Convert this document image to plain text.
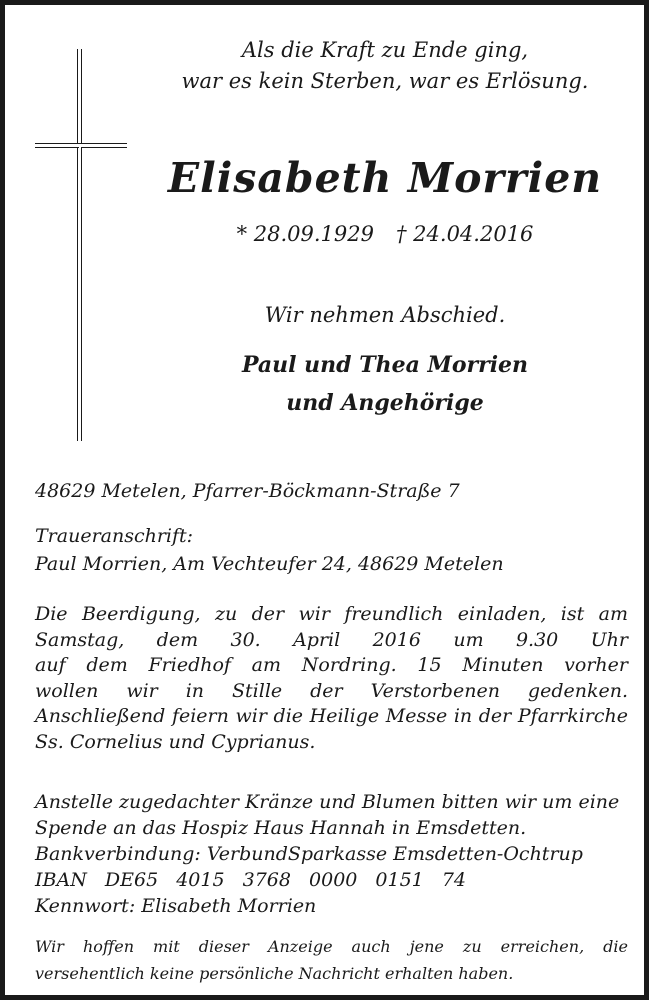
Als die Kraft zu Ende ging,
war es kein Sterben, war es Erlösung.
Elisabeth Morrien
* 28.09.1929 † 24.04.2016
Wir nehmen Abschied.
Paul und Thea Morrien
und Angehörige
48629 Metelen, Pfarrer-Böckmann-Straße 7
Traueranschrift:
Paul Morrien, Am Vechteufer 24, 48629 Metelen
Die Beerdigung, zu der wir freundlich einladen, ist am
Samstag, dem 30. April 2016 um 9.30 Uhr
auf dem Friedhof am Nordring. 15 Minuten vorher
wollen wir in Stille der Verstorbenen gedenken.
Anschließend feiern wir die Heilige Messe in der Pfarrkirche
Ss. Cornelius und Cyprianus.
Anstelle zugedachter Kränze und Blumen bitten wir um eine
Spende an das Hospiz Haus Hannah in Emsdetten.
Bankverbindung: VerbundSparkasse Emsdetten-Ochtrup
IBAN DE65 4015 3768 0000 0151 74
Kennwort: Elisabeth Morrien
Wir hoffen mit dieser Anzeige auch jene zu erreichen, die
versehentlich keine persönliche Nachricht erhalten haben.
